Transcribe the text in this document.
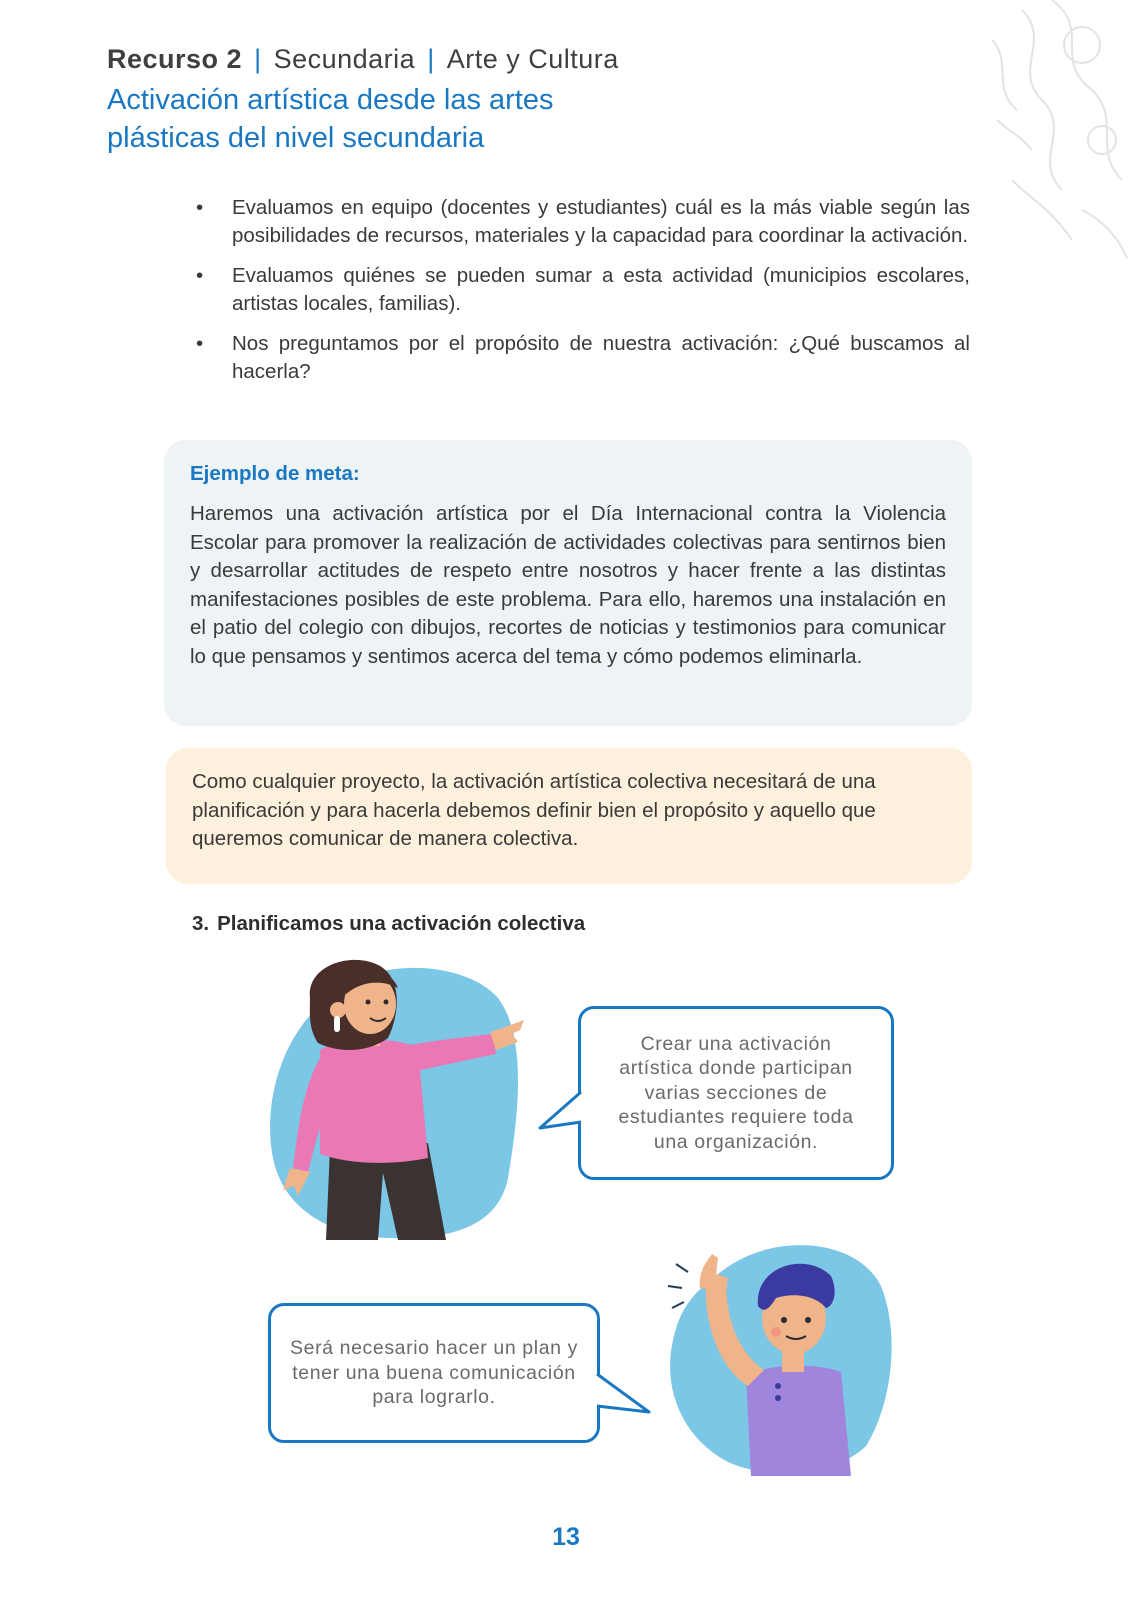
Recurso 2 | Secundaria | Arte y Cultura
Activación artística desde las artes plásticas del nivel secundaria
• Evaluamos en equipo (docentes y estudiantes) cuál es la más viable según las posibilidades de recursos, materiales y la capacidad para coordinar la activación.
• Evaluamos quiénes se pueden sumar a esta actividad (municipios escolares, artistas locales, familias).
• Nos preguntamos por el propósito de nuestra activación: ¿Qué buscamos al hacerla?
Ejemplo de meta:
Haremos una activación artística por el Día Internacional contra la Violencia Escolar para promover la realización de actividades colectivas para sentirnos bien y desarrollar actitudes de respeto entre nosotros y hacer frente a las distintas manifestaciones posibles de este problema. Para ello, haremos una instalación en el patio del colegio con dibujos, recortes de noticias y testimonios para comunicar lo que pensamos y sentimos acerca del tema y cómo podemos eliminarla.
Como cualquier proyecto, la activación artística colectiva necesitará de una planificación y para hacerla debemos definir bien el propósito y aquello que queremos comunicar de manera colectiva.
3. Planificamos una activación colectiva
Crear una activación artística donde participan varias secciones de estudiantes requiere toda una organización.
Será necesario hacer un plan y tener una buena comunicación para lograrlo.
13
